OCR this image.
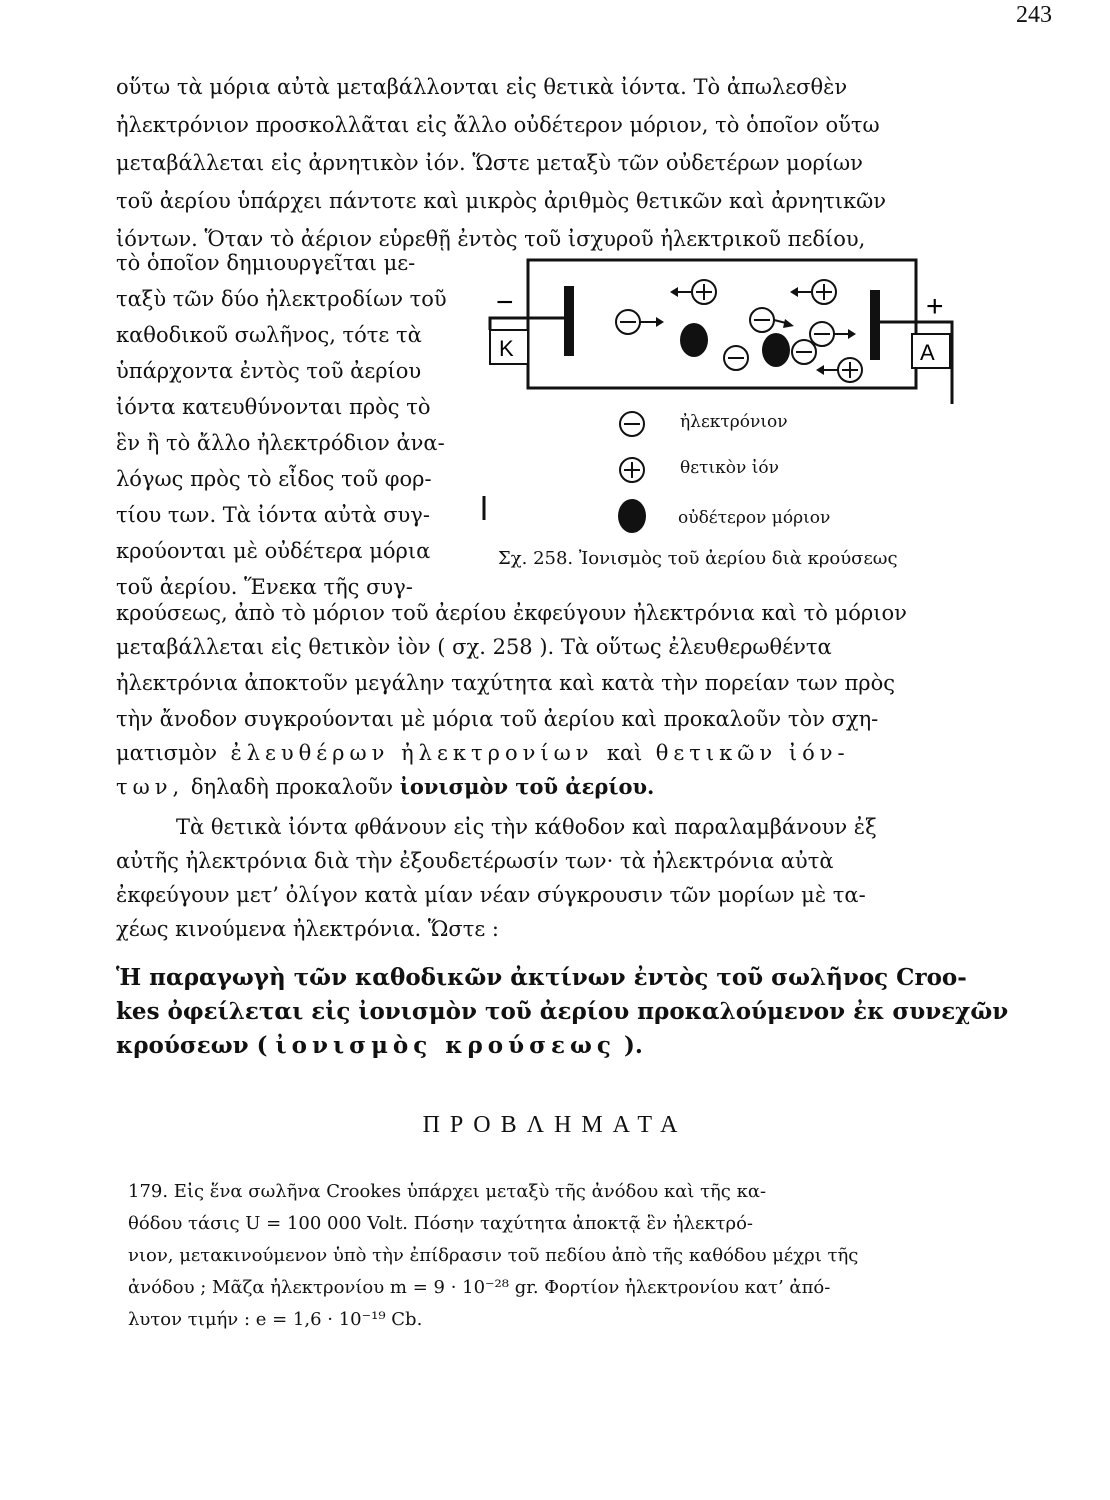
243
οὕτω τὰ μόρια αὐτὰ μεταβάλλονται εἰς θετικὰ ἰόντα. Τὸ ἀπωλεσθὲν
ἠλεκτρόνιον προσκολλᾶται εἰς ἄλλο οὐδέτερον μόριον, τὸ ὁποῖον οὕτω
μεταβάλλεται εἰς ἀρνητικὸν ἰόν. Ὥστε μεταξὺ τῶν οὐδετέρων μορίων
τοῦ ἀερίου ὑπάρχει πάντοτε καὶ μικρὸς ἀριθμὸς θετικῶν καὶ ἀρνητικῶν
ἰόντων. Ὅταν τὸ ἀέριον εὑρεθῇ ἐντὸς τοῦ ἰσχυροῦ ἠλεκτρικοῦ πεδίου,
τὸ ὁποῖον δημιουργεῖται με-
ταξὺ τῶν δύο ἠλεκτροδίων τοῦ
καθοδικοῦ σωλῆνος, τότε τὰ
ὑπάρχοντα ἐντὸς τοῦ ἀερίου
ἰόντα κατευθύνονται πρὸς τὸ
ἓν ἢ τὸ ἄλλο ἠλεκτρόδιον ἀνα-
λόγως πρὸς τὸ εἶδος τοῦ φορ-
τίου των. Τὰ ἰόντα αὐτὰ συγ-
κρούονται μὲ οὐδέτερα μόρια
τοῦ ἀερίου. Ἕνεκα τῆς συγ-
κρούσεως, ἀπὸ τὸ μόριον τοῦ ἀερίου ἐκφεύγουν ἠλεκτρόνια καὶ τὸ μόριον
μεταβάλλεται εἰς θετικὸν ἰὸν ( σχ. 258 ). Τὰ οὕτως ἐλευθερωθέντα
ἠλεκτρόνια ἀποκτοῦν μεγάλην ταχύτητα καὶ κατὰ τὴν πορείαν των πρὸς
τὴν ἄνοδον συγκρούονται μὲ μόρια τοῦ ἀερίου καὶ προκαλοῦν τὸν σχη-
ματισμὸν ἐλευθέρων ἠλεκτρονίων καὶ θετικῶν ἰόν-
των, δηλαδὴ προκαλοῦν ἰονισμὸν τοῦ ἀερίου.
Τὰ θετικὰ ἰόντα φθάνουν εἰς τὴν κάθοδον καὶ παραλαμβάνουν ἐξ
αὐτῆς ἠλεκτρόνια διὰ τὴν ἐξουδετέρωσίν των· τὰ ἠλεκτρόνια αὐτὰ
ἐκφεύγουν μετ’ ὀλίγον κατὰ μίαν νέαν σύγκρουσιν τῶν μορίων μὲ τα-
χέως κινούμενα ἠλεκτρόνια. Ὥστε :
Ἡ παραγωγὴ τῶν καθοδικῶν ἀκτίνων ἐντὸς τοῦ σωλῆνος Croo-
kes ὀφείλεται εἰς ἰονισμὸν τοῦ ἀερίου προκαλούμενον ἐκ συνεχῶν
κρούσεων ( ἰονισμὸς κρούσεως ).
ΠΡΟΒΛΗΜΑΤΑ
179. Εἰς ἕνα σωλῆνα Crookes ὑπάρχει μεταξὺ τῆς ἀνόδου καὶ τῆς κα-
θόδου τάσις U = 100 000 Volt. Πόσην ταχύτητα ἀποκτᾷ ἓν ἠλεκτρό-
νιον, μετακινούμενον ὑπὸ τὴν ἐπίδρασιν τοῦ πεδίου ἀπὸ τῆς καθόδου μέχρι τῆς
ἀνόδου ; Μᾶζα ἠλεκτρονίου m = 9 · 10⁻²⁸ gr. Φορτίον ἠλεκτρονίου κατ’ ἀπό-
λυτον τιμήν : e = 1,6 · 10⁻¹⁹ Cb.
K	A
−	+
ἠλεκτρόνιον
θετικὸν ἰόν
οὐδέτερον μόριον
Σχ. 258. Ἰονισμὸς τοῦ ἀερίου διὰ κρούσεως
